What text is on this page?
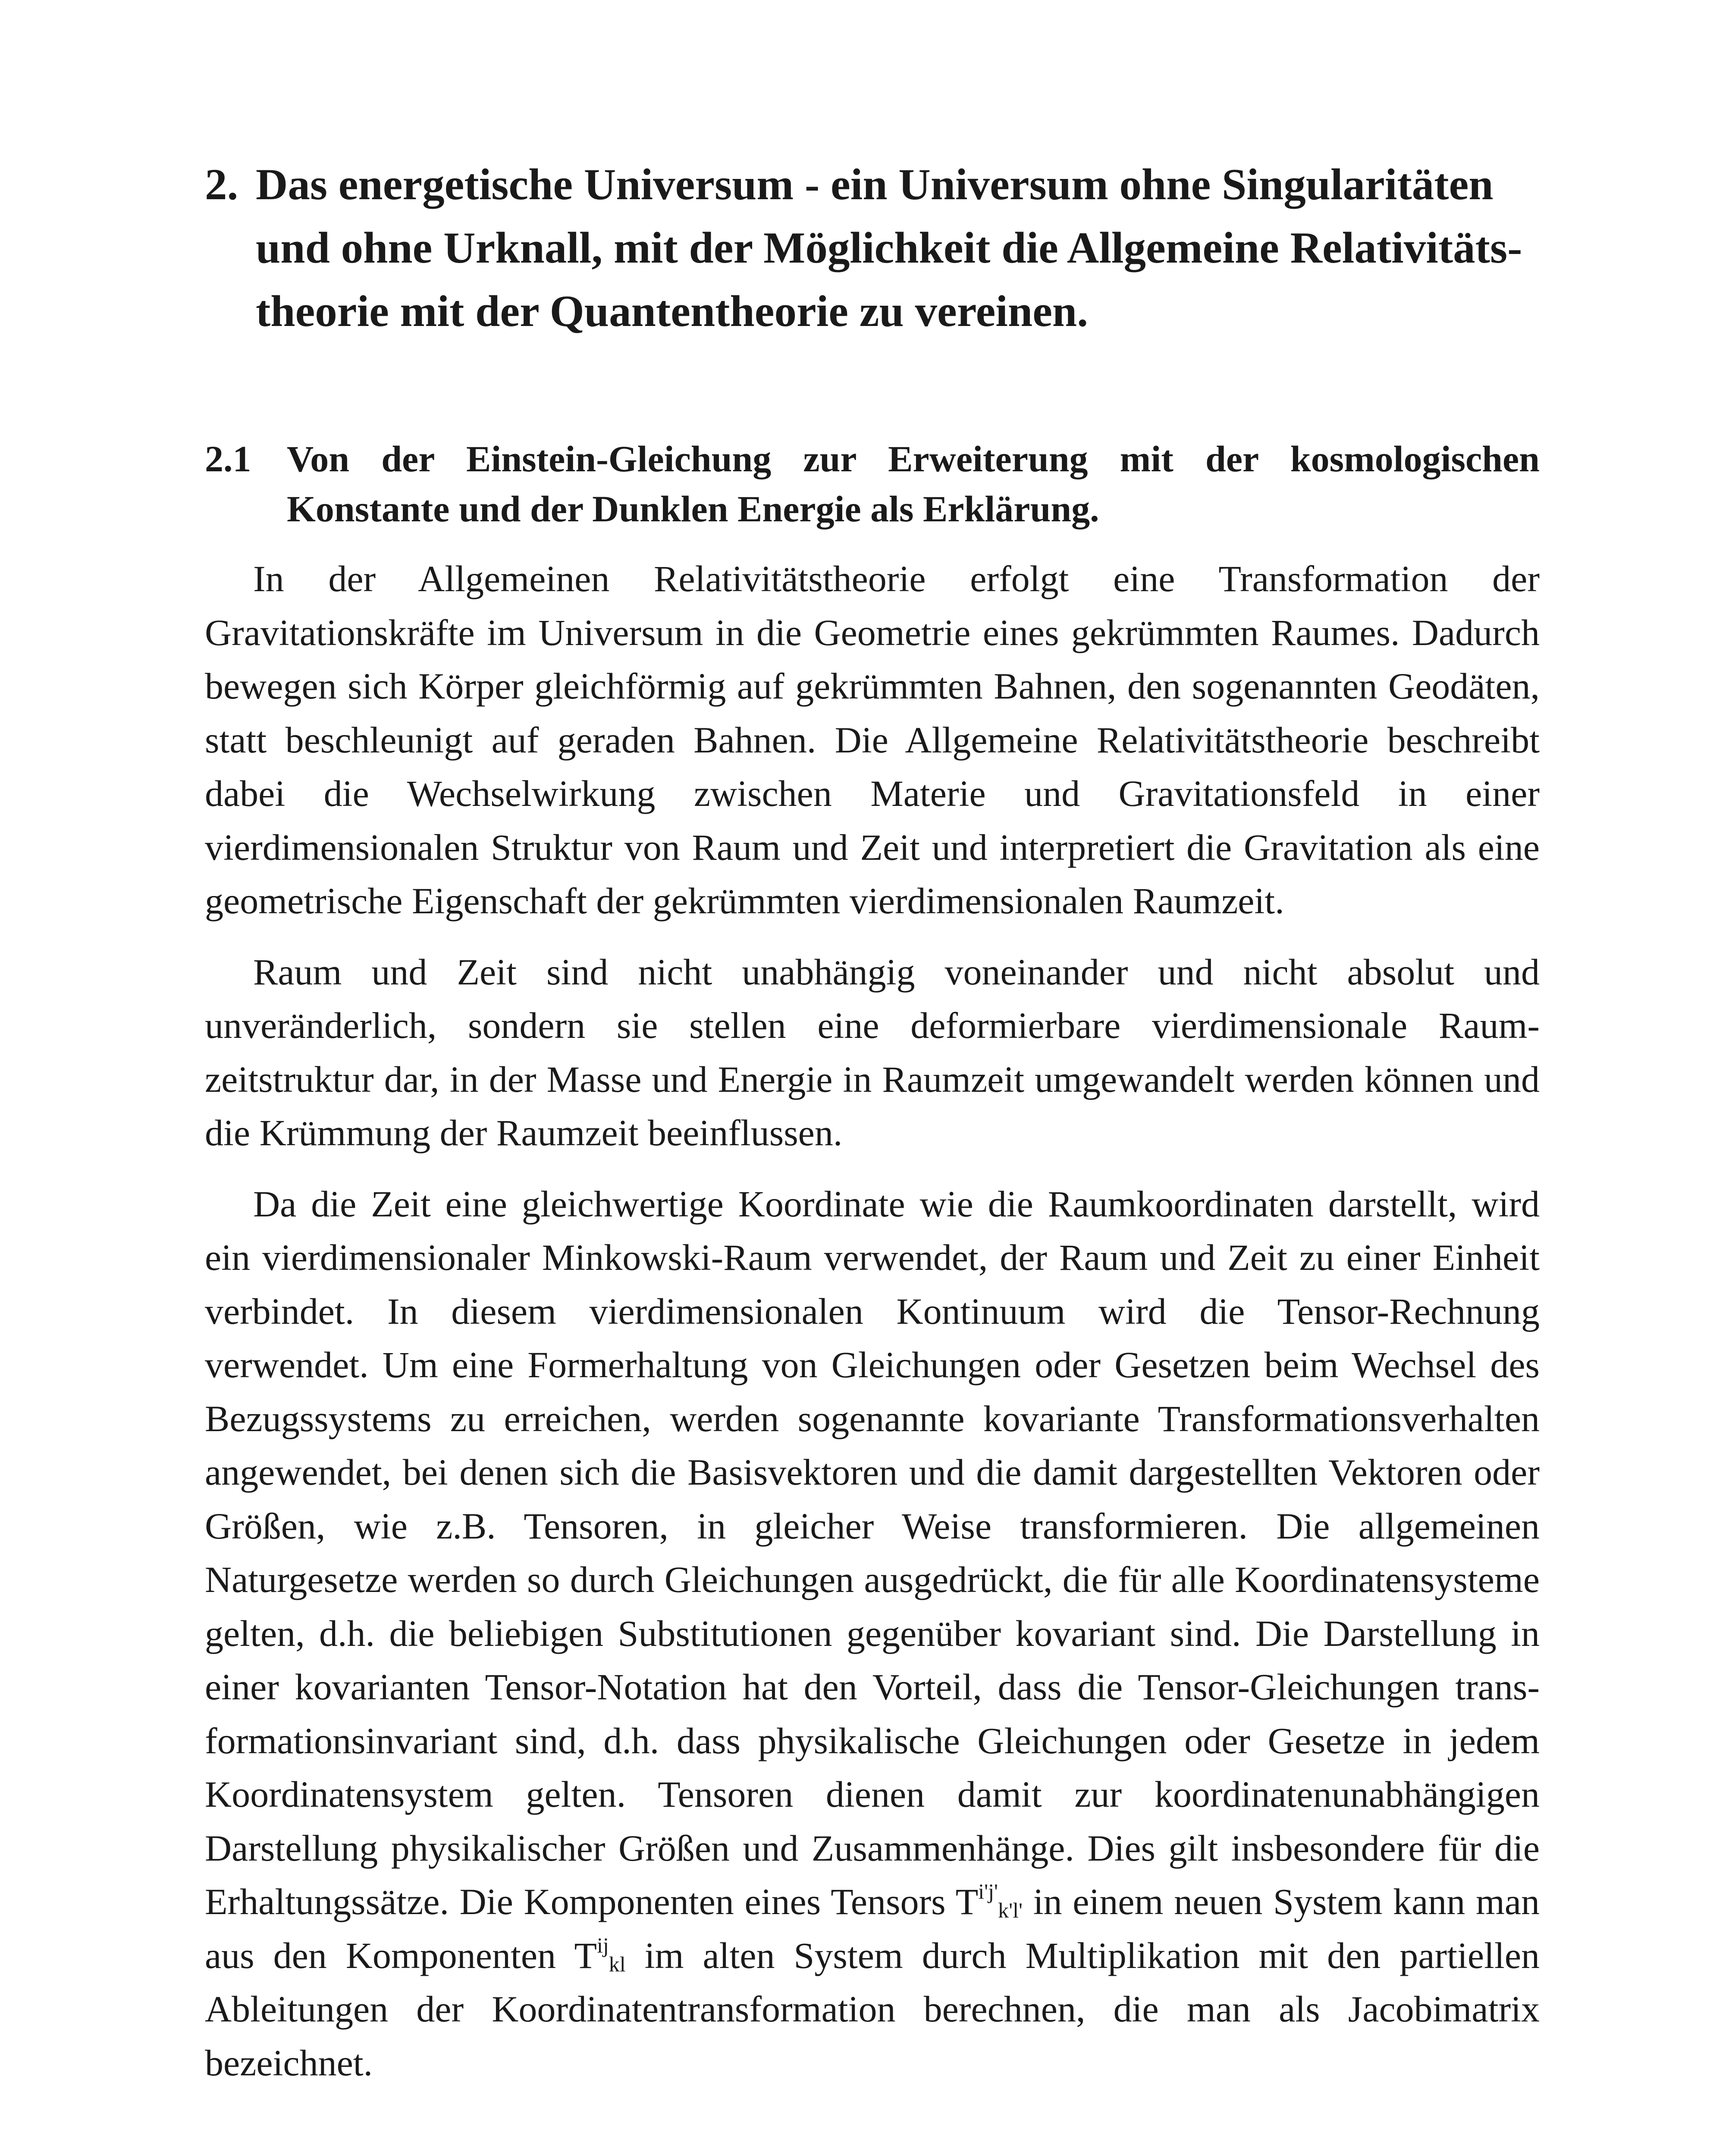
2. Das energetische Universum - ein Universum ohne Singularitäten und ohne Urknall, mit der Möglichkeit die Allgemeine Relativitätstheorie mit der Quantentheorie zu vereinen.
2.1 Von der Einstein-Gleichung zur Erweiterung mit der kosmologischen Konstante und der Dunklen Energie als Erklärung.

In der Allgemeinen Relativitätstheorie erfolgt eine Transformation der Gravitationskräfte im Universum in die Geometrie eines gekrümmten Raumes. Dadurch bewegen sich Körper gleichförmig auf gekrümmten Bahnen, den sogenannten Geodäten, statt beschleunigt auf geraden Bahnen. Die Allgemeine Relativitätstheorie beschreibt dabei die Wechselwirkung zwischen Materie und Gravitationsfeld in einer vierdimensionalen Struktur von Raum und Zeit und interpretiert die Gravitation als eine geometrische Eigenschaft der gekrümmten vierdimensionalen Raumzeit.

Raum und Zeit sind nicht unabhängig voneinander und nicht absolut und unveränderlich, sondern sie stellen eine deformierbare vierdimensionale Raumzeitstruktur dar, in der Masse und Energie in Raumzeit umgewandelt werden können und die Krümmung der Raumzeit beeinflussen.

Da die Zeit eine gleichwertige Koordinate wie die Raumkoordinaten darstellt, wird ein vierdimensionaler Minkowski-Raum verwendet, der Raum und Zeit zu einer Einheit verbindet. In diesem vierdimensionalen Kontinuum wird die Tensor-Rechnung verwendet. Um eine Formerhaltung von Gleichungen oder Gesetzen beim Wechsel des Bezugssystems zu erreichen, werden sogenannte kovariante Transformationsverhalten angewendet, bei denen sich die Basisvektoren und die damit dargestellten Vektoren oder Größen, wie z.B. Tensoren, in gleicher Weise transformieren. Die allgemeinen Naturgesetze werden so durch Gleichungen ausgedrückt, die für alle Koordinatensysteme gelten, d.h. die beliebigen Substitutionen gegenüber kovariant sind. Die Darstellung in einer kovarianten Tensor-Notation hat den Vorteil, dass die Tensor-Gleichungen transformationsinvariant sind, d.h. dass physikalische Gleichungen oder Gesetze in jedem Koordinatensystem gelten. Tensoren dienen damit zur koordinatenunabhängigen Darstellung physikalischer Größen und Zusammenhänge. Dies gilt insbesondere für die Erhaltungssätze. Die Komponenten eines Tensors $T^{i'j'}_{k'l'}$ in einem neuen System kann man aus den Komponenten $T^{ij}_{kl}$ im alten System durch Multiplikation mit den partiellen Ableitungen der Koordinatentransformation berechnen, die man als Jacobimatrix bezeichnet.
